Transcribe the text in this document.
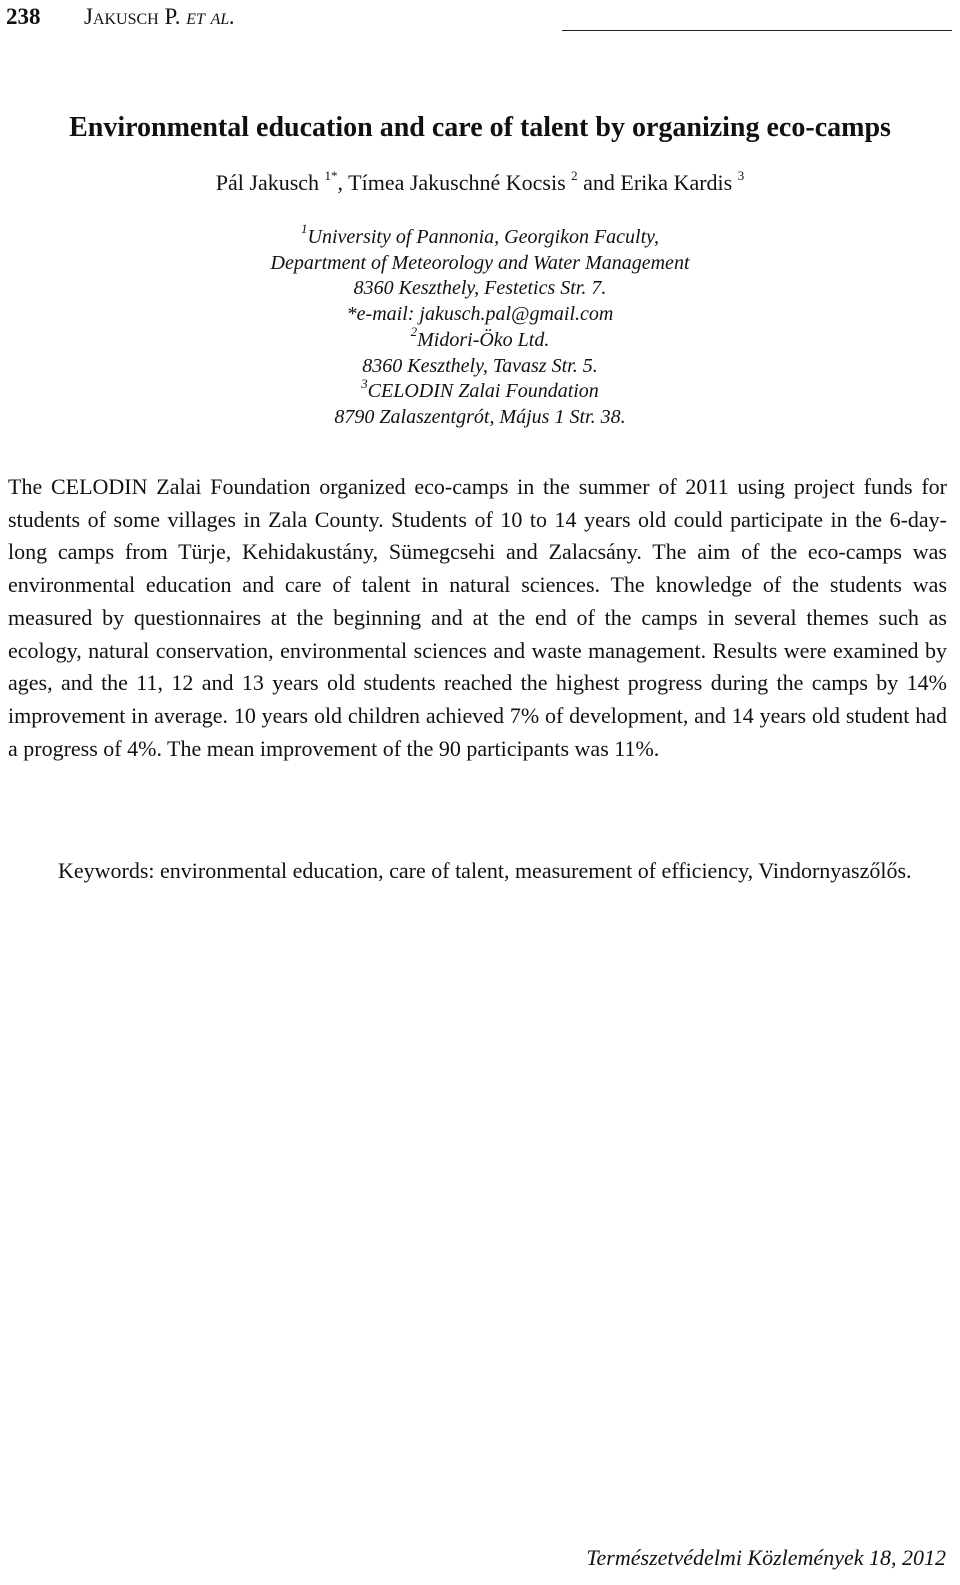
238 Jakusch P. et al.
Environmental education and care of talent by organizing eco-camps
Pál Jakusch $^{1*}$, Tímea Jakuschné Kocsis $^2$ and Erika Kardis $^3$
$^1$University of Pannonia, Georgikon Faculty,
Department of Meteorology and Water Management
8360 Keszthely, Festetics Str. 7.
*e-mail: jakusch.pal@gmail.com
$^2$Midori-Öko Ltd.
8360 Keszthely, Tavasz Str. 5.
$^3$CELODIN Zalai Foundation
8790 Zalaszentgrót, Május 1 Str. 38.

The CELODIN Zalai Foundation organized eco-camps in the summer of 2011 using project funds for students of some villages in Zala County. Students of 10 to 14 years old could participate in the 6-day-long camps from Türje, Kehidakustány, Sümegcsehi and Zalacsány. The aim of the eco-camps was environmental education and care of talent in natural sciences. The knowledge of the students was measured by questionnaires at the beginning and at the end of the camps in several themes such as ecology, natural conservation, environmental sciences and waste management. Results were examined by ages, and the 11, 12 and 13 years old students reached the highest progress during the camps by 14% improvement in average. 10 years old children achieved 7% of development, and 14 years old student had a progress of 4%. The mean improvement of the 90 participants was 11%.

Keywords: environmental education, care of talent, measurement of efficiency, Vindornyaszőlős.

Természetvédelmi Közlemények 18, 2012
